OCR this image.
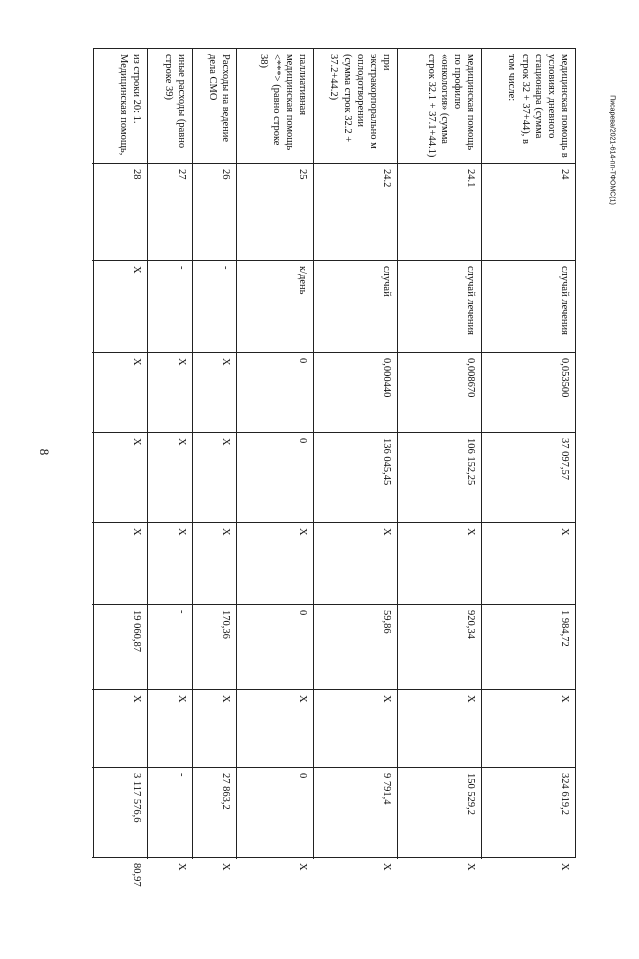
8
Писарева/2021-614-пп-ТФОМС(1)
медицинская помощь в условиях дневного стационара (сумма строк 32 + 37+44), в том числе:
24
случай лечения
0,053500
37 097,57
X
1 984,72
X
324 619,2
X
медицинская помощь по профилю «онкология» (сумма строк 32.1 + 37.1+44.1)
24.1
случай лечения
0,008670
106 152,25
X
920,34
X
150 529,2
X
при экстракорпорально м оплодотворении (сумма строк 32.2 + 37.2+44.2)
24.2
случай
0,000440
136 045,45
X
59,86
X
9 791,4
X
паллиативная медицинская помощь <***> (равно строке 38)
25
к/день
0
0
X
0
X
0
X
Расходы на ведение дела СМО
26
-
X
X
X
170,36
X
27 863,2
X
иные расходы (равно строке 39)
27
-
X
X
X
-
X
-
X
из строки 20: 1. Медицинская помощь,
28
X
X
X
X
19 060,87
X
3 117 576,6
80,97
